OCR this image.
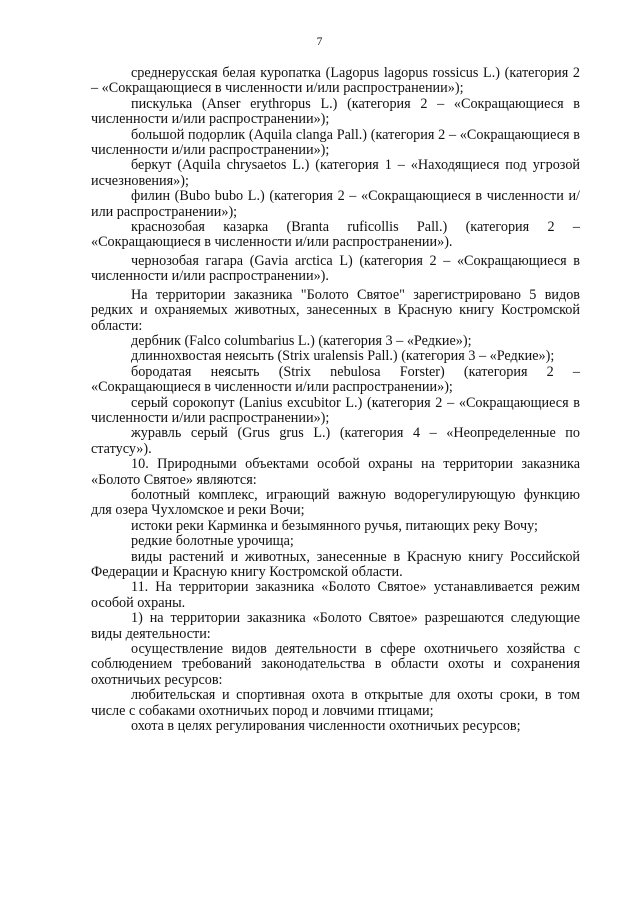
7

среднерусская белая куропатка (Lagopus lagopus rossicus L.) (категория 2 – «Сокращающиеся в численности и/или распространении»);

пискулька (Anser erythropus L.) (категория 2 – «Сокращающиеся в численности и/или распространении»);

большой подорлик (Aquila clanga Pall.) (категория 2 – «Сокращающиеся в численности и/или распространении»);

беркут (Aquila chrysaetos L.) (категория 1 – «Находящиеся под угрозой исчезновения»);

филин (Bubo bubo L.) (категория 2 – «Сокращающиеся в численности и/или распространении»);

краснозобая казарка (Branta ruficollis Pall.) (категория 2 – «Сокращающиеся в численности и/или распространении»).

чернозобая гагара (Gavia arctica L) (категория 2 – «Сокращающиеся в численности и/или распространении»).

На территории заказника "Болото Святое" зарегистрировано 5 видов редких и охраняемых животных, занесенных в Красную книгу Костромской области:

дербник (Falco columbarius L.) (категория 3 – «Редкие»);

длиннохвостая неясыть (Strix uralensis Pall.) (категория 3 – «Редкие»);

бородатая неясыть (Strix nebulosa Forster) (категория 2 – «Сокращающиеся в численности и/или распространении»);

серый сорокопут (Lanius excubitor L.) (категория 2 – «Сокращающиеся в численности и/или распространении»);

журавль серый (Grus grus L.) (категория 4 – «Неопределенные по статусу»).

10. Природными объектами особой охраны на территории заказника «Болото Святое» являются:

болотный комплекс, играющий важную водорегулирующую функцию для озера Чухломское и реки Вочи;

истоки реки Карминка и безымянного ручья, питающих реку Вочу;

редкие болотные урочища;

виды растений и животных, занесенные в Красную книгу Российской Федерации и Красную книгу Костромской области.

11. На территории заказника «Болото Святое» устанавливается режим особой охраны.

1) на территории заказника «Болото Святое» разрешаются следующие виды деятельности:

осуществление видов деятельности в сфере охотничьего хозяйства с соблюдением требований законодательства в области охоты и сохранения охотничьих ресурсов:

любительская и спортивная охота в открытые для охоты сроки, в том числе с собаками охотничьих пород и ловчими птицами;

охота в целях регулирования численности охотничьих ресурсов;
